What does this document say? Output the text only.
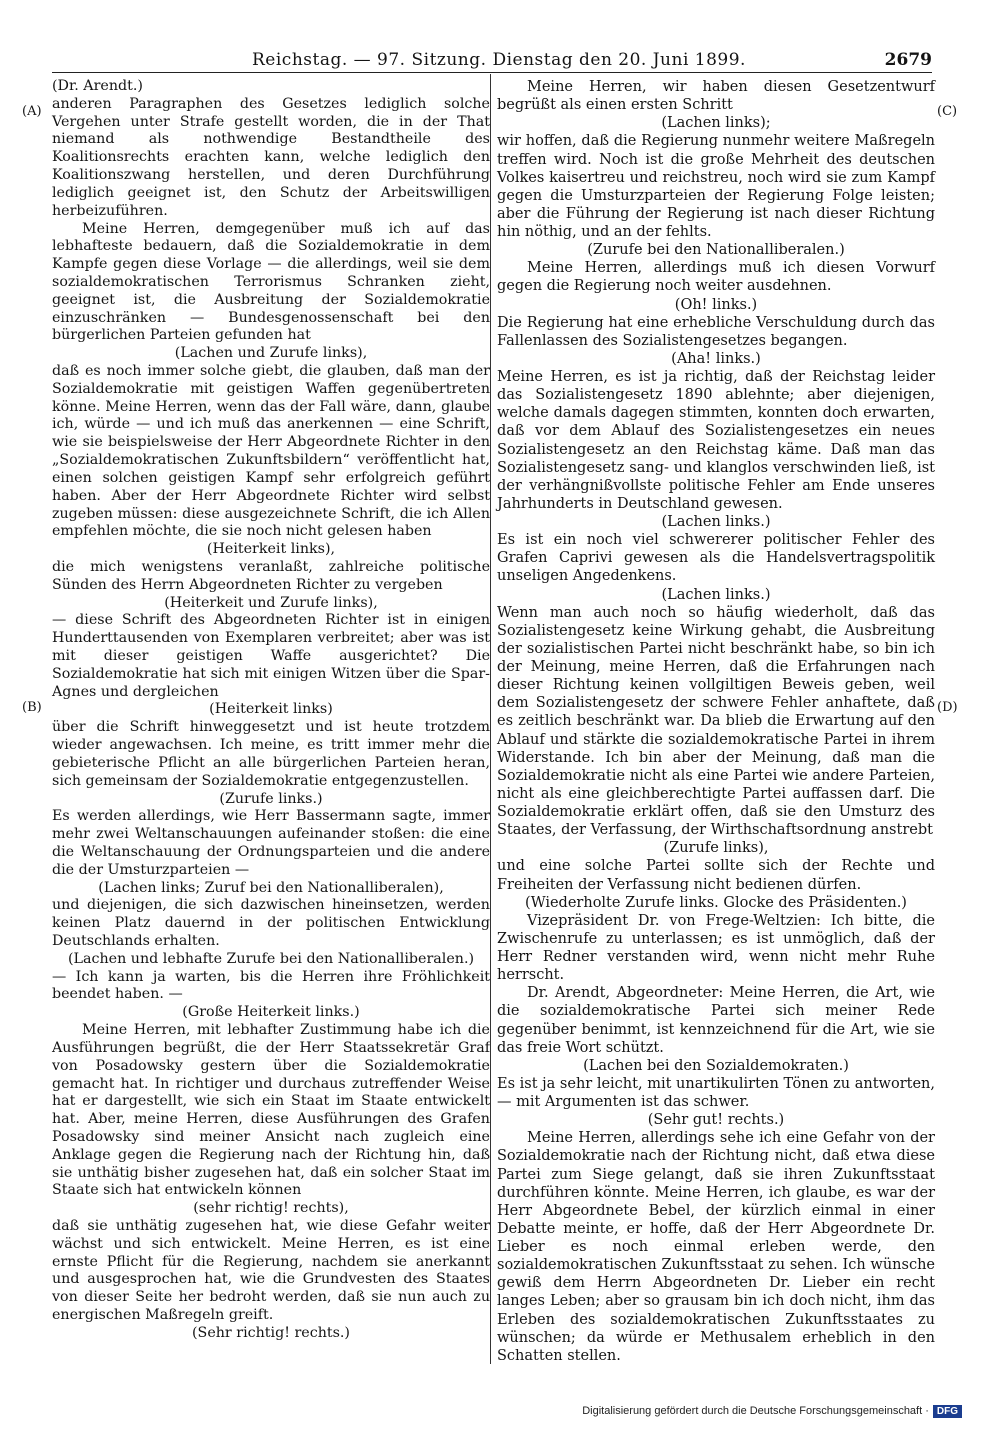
Reichstag. — 97. Sitzung. Dienstag den 20. Juni 1899.	2679
(A)
(B)
(C)
(D)

(Dr. Arendt.)

anderen Paragraphen des Gesetzes lediglich solche Vergehen unter Strafe gestellt worden, die in der That niemand als nothwendige Bestandtheile des Koalitionsrechts erachten kann, welche lediglich den Koalitionszwang herstellen, und deren Durchführung lediglich geeignet ist, den Schutz der Arbeitswilligen herbeizuführen.

Meine Herren, demgegenüber muß ich auf das lebhafteste bedauern, daß die Sozialdemokratie in dem Kampfe gegen diese Vorlage — die allerdings, weil sie dem sozialdemokratischen Terrorismus Schranken zieht, geeignet ist, die Ausbreitung der Sozialdemokratie einzuschränken — Bundesgenossenschaft bei den bürgerlichen Parteien gefunden hat

(Lachen und Zurufe links),

daß es noch immer solche giebt, die glauben, daß man der Sozialdemokratie mit geistigen Waffen gegenübertreten könne. Meine Herren, wenn das der Fall wäre, dann, glaube ich, würde — und ich muß das anerkennen — eine Schrift, wie sie beispielsweise der Herr Abgeordnete Richter in den „Sozialdemokratischen Zukunftsbildern“ veröffentlicht hat, einen solchen geistigen Kampf sehr erfolgreich geführt haben. Aber der Herr Abgeordnete Richter wird selbst zugeben müssen: diese ausgezeichnete Schrift, die ich Allen empfehlen möchte, die sie noch nicht gelesen haben

(Heiterkeit links),

die mich wenigstens veranlaßt, zahlreiche politische Sünden des Herrn Abgeordneten Richter zu vergeben

(Heiterkeit und Zurufe links),

— diese Schrift des Abgeordneten Richter ist in einigen Hunderttausenden von Exemplaren verbreitet; aber was ist mit dieser geistigen Waffe ausgerichtet? Die Sozialdemokratie hat sich mit einigen Witzen über die Spar-Agnes und dergleichen

(Heiterkeit links)

über die Schrift hinweggesetzt und ist heute trotzdem wieder angewachsen. Ich meine, es tritt immer mehr die gebieterische Pflicht an alle bürgerlichen Parteien heran, sich gemeinsam der Sozialdemokratie entgegenzustellen.

(Zurufe links.)

Es werden allerdings, wie Herr Bassermann sagte, immer mehr zwei Weltanschauungen aufeinander stoßen: die eine die Weltanschauung der Ordnungsparteien und die andere die der Umsturzparteien —

(Lachen links; Zuruf bei den Nationalliberalen),

und diejenigen, die sich dazwischen hineinsetzen, werden keinen Platz dauernd in der politischen Entwicklung Deutschlands erhalten.

(Lachen und lebhafte Zurufe bei den Nationalliberalen.)

— Ich kann ja warten, bis die Herren ihre Fröhlichkeit beendet haben. —

(Große Heiterkeit links.)

Meine Herren, mit lebhafter Zustimmung habe ich die Ausführungen begrüßt, die der Herr Staatssekretär Graf von Posadowsky gestern über die Sozialdemokratie gemacht hat. In richtiger und durchaus zutreffender Weise hat er dargestellt, wie sich ein Staat im Staate entwickelt hat. Aber, meine Herren, diese Ausführungen des Grafen Posadowsky sind meiner Ansicht nach zugleich eine Anklage gegen die Regierung nach der Richtung hin, daß sie unthätig bisher zugesehen hat, daß ein solcher Staat im Staate sich hat entwickeln können

(sehr richtig! rechts),

daß sie unthätig zugesehen hat, wie diese Gefahr weiter wächst und sich entwickelt. Meine Herren, es ist eine ernste Pflicht für die Regierung, nachdem sie anerkannt und ausgesprochen hat, wie die Grundvesten des Staates von dieser Seite her bedroht werden, daß sie nun auch zu energischen Maßregeln greift.

(Sehr richtig! rechts.)

Meine Herren, wir haben diesen Gesetzentwurf begrüßt als einen ersten Schritt

(Lachen links);

wir hoffen, daß die Regierung nunmehr weitere Maßregeln treffen wird. Noch ist die große Mehrheit des deutschen Volkes kaisertreu und reichstreu, noch wird sie zum Kampf gegen die Umsturzparteien der Regierung Folge leisten; aber die Führung der Regierung ist nach dieser Richtung hin nöthig, und an der fehlts.

(Zurufe bei den Nationalliberalen.)

Meine Herren, allerdings muß ich diesen Vorwurf gegen die Regierung noch weiter ausdehnen.

(Oh! links.)

Die Regierung hat eine erhebliche Verschuldung durch das Fallenlassen des Sozialistengesetzes begangen.

(Aha! links.)

Meine Herren, es ist ja richtig, daß der Reichstag leider das Sozialistengesetz 1890 ablehnte; aber diejenigen, welche damals dagegen stimmten, konnten doch erwarten, daß vor dem Ablauf des Sozialistengesetzes ein neues Sozialistengesetz an den Reichstag käme. Daß man das Sozialistengesetz sang- und klanglos verschwinden ließ, ist der verhängnißvollste politische Fehler am Ende unseres Jahrhunderts in Deutschland gewesen.

(Lachen links.)

Es ist ein noch viel schwererer politischer Fehler des Grafen Caprivi gewesen als die Handelsvertragspolitik unseligen Angedenkens.

(Lachen links.)

Wenn man auch noch so häufig wiederholt, daß das Sozialistengesetz keine Wirkung gehabt, die Ausbreitung der sozialistischen Partei nicht beschränkt habe, so bin ich der Meinung, meine Herren, daß die Erfahrungen nach dieser Richtung keinen vollgiltigen Beweis geben, weil dem Sozialistengesetz der schwere Fehler anhaftete, daß es zeitlich beschränkt war. Da blieb die Erwartung auf den Ablauf und stärkte die sozialdemokratische Partei in ihrem Widerstande. Ich bin aber der Meinung, daß man die Sozialdemokratie nicht als eine Partei wie andere Parteien, nicht als eine gleichberechtigte Partei auffassen darf. Die Sozialdemokratie erklärt offen, daß sie den Umsturz des Staates, der Verfassung, der Wirthschaftsordnung anstrebt

(Zurufe links),

und eine solche Partei sollte sich der Rechte und Freiheiten der Verfassung nicht bedienen dürfen.

(Wiederholte Zurufe links. Glocke des Präsidenten.)

Vizepräsident Dr. von Frege-Weltzien: Ich bitte, die Zwischenrufe zu unterlassen; es ist unmöglich, daß der Herr Redner verstanden wird, wenn nicht mehr Ruhe herrscht.

Dr. Arendt, Abgeordneter: Meine Herren, die Art, wie die sozialdemokratische Partei sich meiner Rede gegenüber benimmt, ist kennzeichnend für die Art, wie sie das freie Wort schützt.

(Lachen bei den Sozialdemokraten.)

Es ist ja sehr leicht, mit unartikulirten Tönen zu antworten, — mit Argumenten ist das schwer.

(Sehr gut! rechts.)

Meine Herren, allerdings sehe ich eine Gefahr von der Sozialdemokratie nach der Richtung nicht, daß etwa diese Partei zum Siege gelangt, daß sie ihren Zukunftsstaat durchführen könnte. Meine Herren, ich glaube, es war der Herr Abgeordnete Bebel, der kürzlich einmal in einer Debatte meinte, er hoffe, daß der Herr Abgeordnete Dr. Lieber es noch einmal erleben werde, den sozialdemokratischen Zukunftsstaat zu sehen. Ich wünsche gewiß dem Herrn Abgeordneten Dr. Lieber ein recht langes Leben; aber so grausam bin ich doch nicht, ihm das Erleben des sozialdemokratischen Zukunftsstaates zu wünschen; da würde er Methusalem erheblich in den Schatten stellen.

Digitalisierung gefördert durch die Deutsche Forschungsgemeinschaft · DFG
